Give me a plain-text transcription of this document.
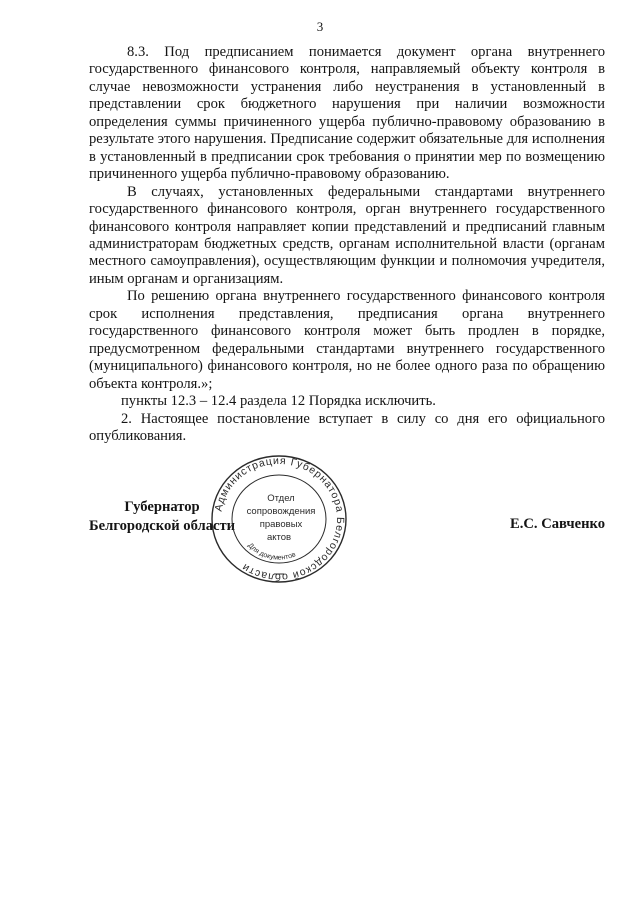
3

8.3. Под предписанием понимается документ органа внутреннего государственного финансового контроля, направляемый объекту контроля в случае невозможности устранения либо неустранения в установленный в представлении срок бюджетного нарушения при наличии возможности определения суммы причиненного ущерба публично-правовому образованию в результате этого нарушения. Предписание содержит обязательные для исполнения в установленный в предписании срок требования о принятии мер по возмещению причиненного ущерба публично-правовому образованию.

В случаях, установленных федеральными стандартами внутреннего государственного финансового контроля, орган внутреннего государственного финансового контроля направляет копии представлений и предписаний главным администраторам бюджетных средств, органам исполнительной власти (органам местного самоуправления), осуществляющим функции и полномочия учредителя, иным органам и организациям.

По решению органа внутреннего государственного финансового контроля срок исполнения представления, предписания органа внутреннего государственного финансового контроля может быть продлен в порядке, предусмотренном федеральными стандартами внутреннего государственного (муниципального) финансового контроля, но не более одного раза по обращению объекта контроля.»;

пункты 12.3 – 12.4 раздела 12 Порядка исключить.

2. Настоящее постановление вступает в силу со дня его официального опубликования.

Губернатор
Белгородской области	Е.С. Савченко
Администрация Губернатора Белгородской области
Для документов
Отдел
сопровождения
правовых
актов
